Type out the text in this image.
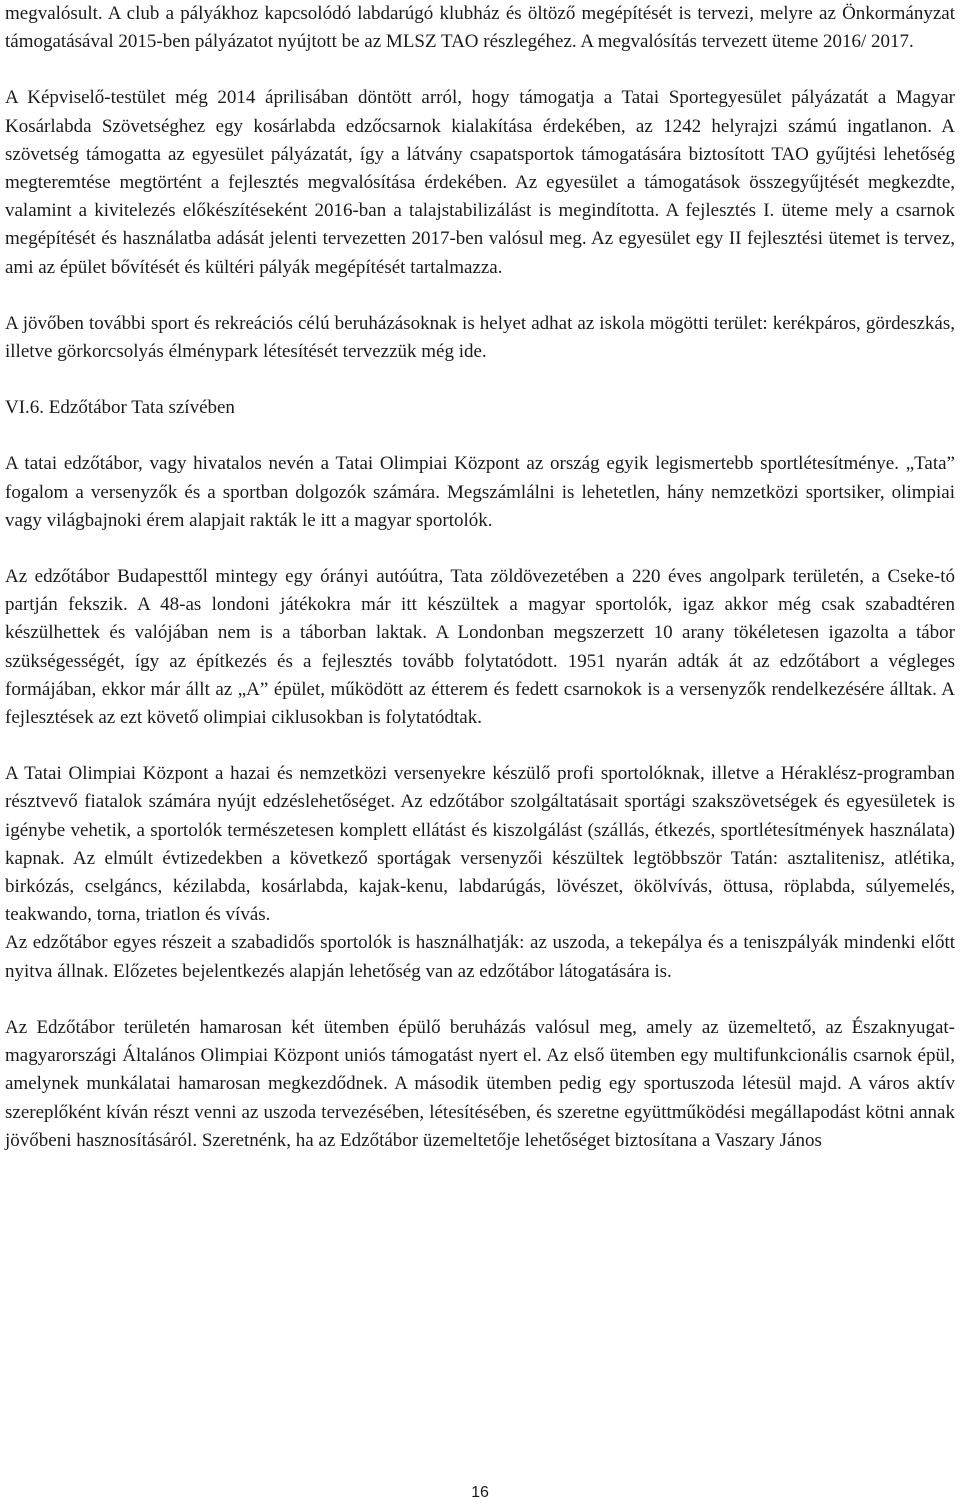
megvalósult. A club a pályákhoz kapcsolódó labdarúgó klubház és öltöző megépítését is tervezi, melyre az Önkormányzat támogatásával 2015-ben pályázatot nyújtott be az MLSZ TAO részlegéhez. A megvalósítás tervezett üteme 2016/ 2017.

A Képviselő-testület még 2014 áprilisában döntött arról, hogy támogatja a Tatai Sportegyesület pályázatát a Magyar Kosárlabda Szövetséghez egy kosárlabda edzőcsarnok kialakítása érdekében, az 1242 helyrajzi számú ingatlanon. A szövetség támogatta az egyesület pályázatát, így a látvány csapatsportok támogatására biztosított TAO gyűjtési lehetőség megteremtése megtörtént a fejlesztés megvalósítása érdekében. Az egyesület a támogatások összegyűjtését megkezdte, valamint a kivitelezés előkészítéseként 2016-ban a talajstabilizálást is megindította. A fejlesztés I. üteme mely a csarnok megépítését és használatba adását jelenti tervezetten 2017-ben valósul meg. Az egyesület egy II fejlesztési ütemet is tervez, ami az épület bővítését és kültéri pályák megépítését tartalmazza.

A jövőben további sport és rekreációs célú beruházásoknak is helyet adhat az iskola mögötti terület: kerékpáros, gördeszkás, illetve görkorcsolyás élménypark létesítését tervezzük még ide.

VI.6. Edzőtábor Tata szívében

A tatai edzőtábor, vagy hivatalos nevén a Tatai Olimpiai Központ az ország egyik legismertebb sportlétesítménye. „Tata” fogalom a versenyzők és a sportban dolgozók számára. Megszámlálni is lehetetlen, hány nemzetközi sportsiker, olimpiai vagy világbajnoki érem alapjait rakták le itt a magyar sportolók.

Az edzőtábor Budapesttől mintegy egy órányi autóútra, Tata zöldövezetében a 220 éves angolpark területén, a Cseke-tó partján fekszik. A 48-as londoni játékokra már itt készültek a magyar sportolók, igaz akkor még csak szabadtéren készülhettek és valójában nem is a táborban laktak. A Londonban megszerzett 10 arany tökéletesen igazolta a tábor szükségességét, így az építkezés és a fejlesztés tovább folytatódott. 1951 nyarán adták át az edzőtábort a végleges formájában, ekkor már állt az „A” épület, működött az étterem és fedett csarnokok is a versenyzők rendelkezésére álltak. A fejlesztések az ezt követő olimpiai ciklusokban is folytatódtak.

A Tatai Olimpiai Központ a hazai és nemzetközi versenyekre készülő profi sportolóknak, illetve a Héraklész-programban résztvevő fiatalok számára nyújt edzéslehetőséget. Az edzőtábor szolgáltatásait sportági szakszövetségek és egyesületek is igénybe vehetik, a sportolók természetesen komplett ellátást és kiszolgálást (szállás, étkezés, sportlétesítmények használata) kapnak. Az elmúlt évtizedekben a következő sportágak versenyzői készültek legtöbbször Tatán: asztalitenisz, atlétika, birkózás, cselgáncs, kézilabda, kosárlabda, kajak-kenu, labdarúgás, lövészet, ökölvívás, öttusa, röplabda, súlyemelés, teakwando, torna, triatlon és vívás.

Az edzőtábor egyes részeit a szabadidős sportolók is használhatják: az uszoda, a tekepálya és a teniszpályák mindenki előtt nyitva állnak. Előzetes bejelentkezés alapján lehetőség van az edzőtábor látogatására is.

Az Edzőtábor területén hamarosan két ütemben épülő beruházás valósul meg, amely az üzemeltető, az Északnyugat-magyarországi Általános Olimpiai Központ uniós támogatást nyert el. Az első ütemben egy multifunkcionális csarnok épül, amelynek munkálatai hamarosan megkezdődnek. A második ütemben pedig egy sportuszoda létesül majd. A város aktív szereplőként kíván részt venni az uszoda tervezésében, létesítésében, és szeretne együttműködési megállapodást kötni annak jövőbeni hasznosításáról. Szeretnénk, ha az Edzőtábor üzemeltetője lehetőséget biztosítana a Vaszary János

16
